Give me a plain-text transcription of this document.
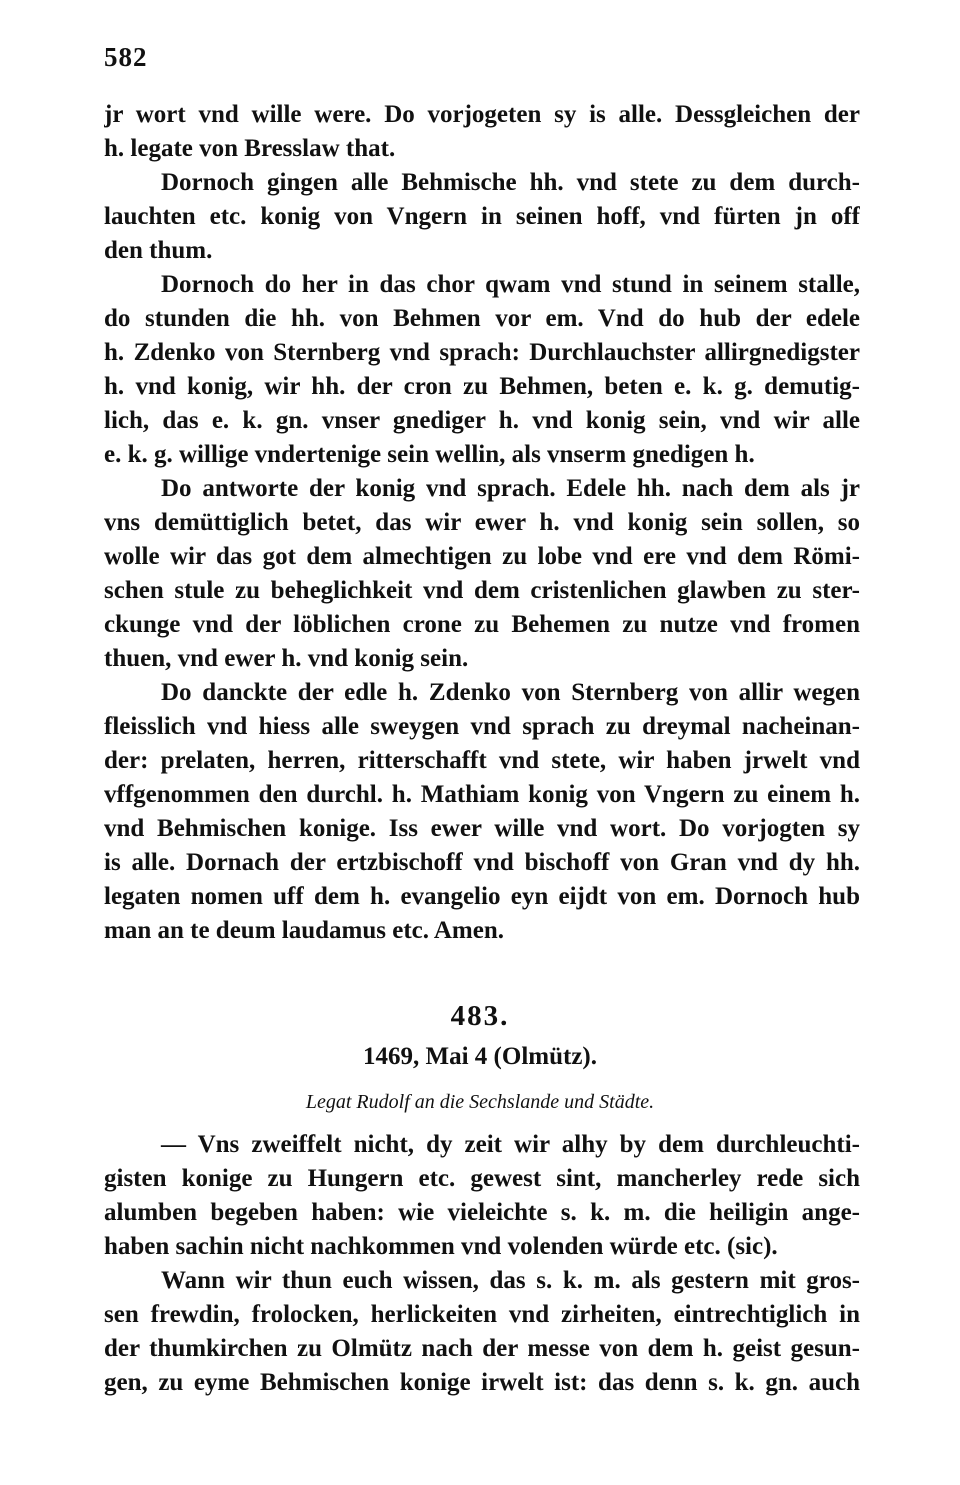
582
jr wort vnd wille were. Do vorjogeten sy is alle. Dessgleichen der
h. legate von Bresslaw that.
Dornoch gingen alle Behmische hh. vnd stete zu dem durch-
lauchten etc. konig von Vngern in seinen hoff, vnd fürten jn off
den thum.
Dornoch do her in das chor qwam vnd stund in seinem stalle,
do stunden die hh. von Behmen vor em. Vnd do hub der edele
h. Zdenko von Sternberg vnd sprach: Durchlauchster allirgnedigster
h. vnd konig, wir hh. der cron zu Behmen, beten e. k. g. demutig-
lich, das e. k. gn. vnser gnediger h. vnd konig sein, vnd wir alle
e. k. g. willige vndertenige sein wellin, als vnserm gnedigen h.
Do antworte der konig vnd sprach. Edele hh. nach dem als jr
vns demüttiglich betet, das wir ewer h. vnd konig sein sollen, so
wolle wir das got dem almechtigen zu lobe vnd ere vnd dem Römi-
schen stule zu beheglichkeit vnd dem cristenlichen glawben zu ster-
ckunge vnd der löblichen crone zu Behemen zu nutze vnd fromen
thuen, vnd ewer h. vnd konig sein.
Do danckte der edle h. Zdenko von Sternberg von allir wegen
fleisslich vnd hiess alle sweygen vnd sprach zu dreymal nacheinan-
der: prelaten, herren, ritterschafft vnd stete, wir haben jrwelt vnd
vffgenommen den durchl. h. Mathiam konig von Vngern zu einem h.
vnd Behmischen konige. Iss ewer wille vnd wort. Do vorjogten sy
is alle. Dornach der ertzbischoff vnd bischoff von Gran vnd dy hh.
legaten nomen uff dem h. evangelio eyn eijdt von em. Dornoch hub
man an te deum laudamus etc. Amen.
483.
1469, Mai 4 (Olmütz).
Legat Rudolf an die Sechslande und Städte.
— Vns zweiffelt nicht, dy zeit wir alhy by dem durchleuchti-
gisten konige zu Hungern etc. gewest sint, mancherley rede sich
alumben begeben haben: wie vieleichte s. k. m. die heiligin ange-
haben sachin nicht nachkommen vnd volenden würde etc. (sic).
Wann wir thun euch wissen, das s. k. m. als gestern mit gros-
sen frewdin, frolocken, herlickeiten vnd zirheiten, eintrechtiglich in
der thumkirchen zu Olmütz nach der messe von dem h. geist gesun-
gen, zu eyme Behmischen konige irwelt ist: das denn s. k. gn. auch
